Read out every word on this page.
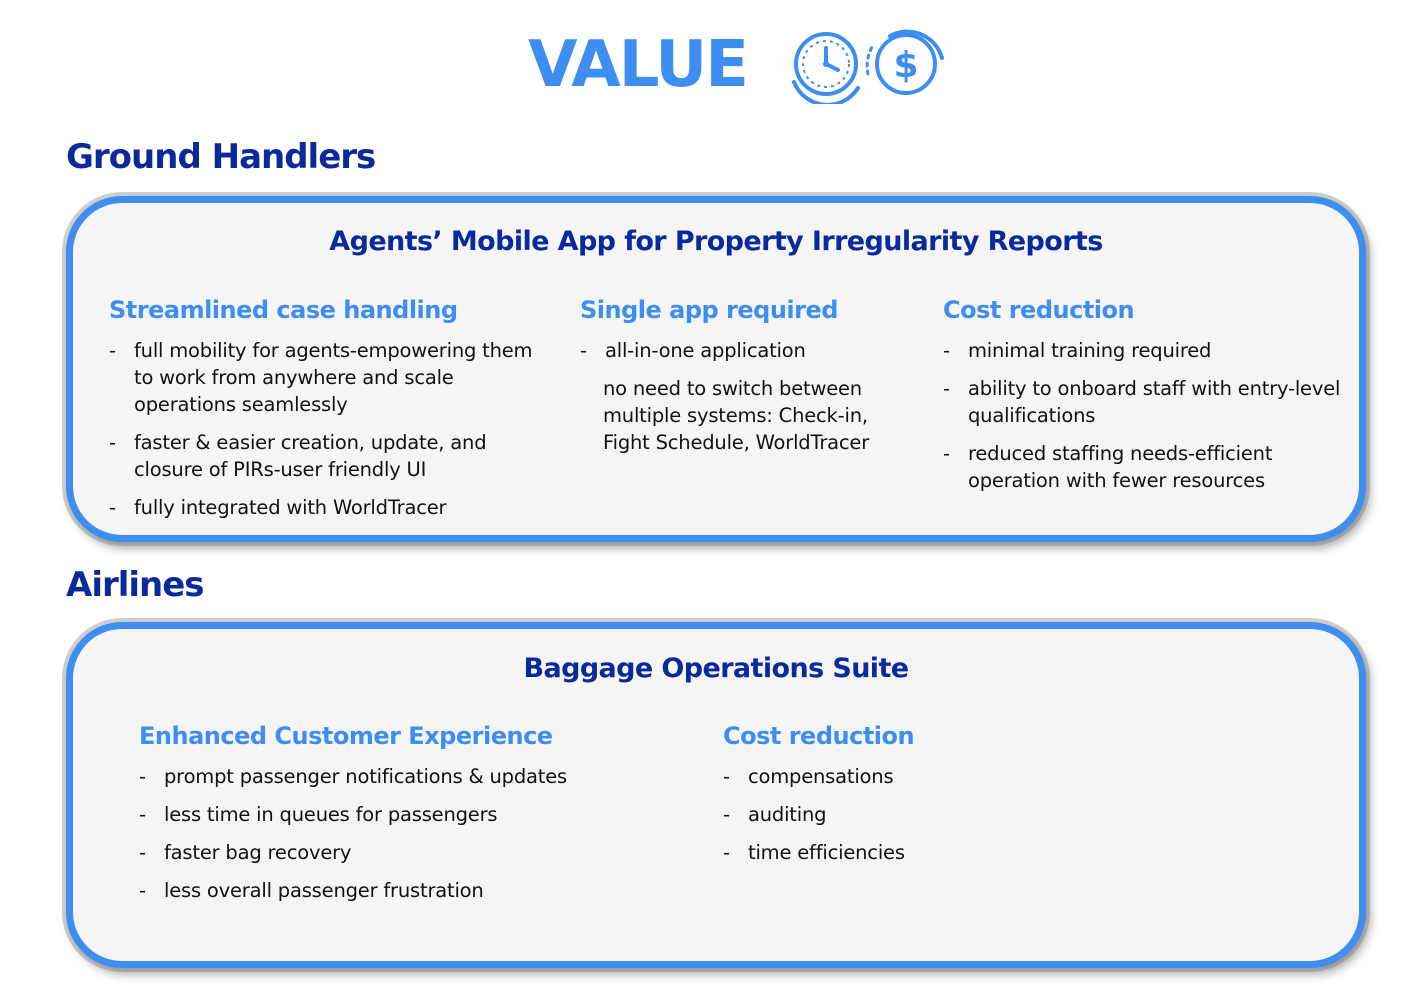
VALUE	$
Ground Handlers
Agents’ Mobile App for Property Irregularity Reports
Streamlined case handling
- full mobility for agents-empowering them to work from anywhere and scale operations seamlessly
- faster & easier creation, update, and closure of PIRs-user friendly UI
- fully integrated with WorldTracer
Single app required
- all-in-one application
no need to switch between multiple systems: Check-in, Fight Schedule, WorldTracer
Cost reduction
- minimal training required
- ability to onboard staff with entry-level qualifications
- reduced staffing needs-efficient operation with fewer resources
Airlines
Baggage Operations Suite
Enhanced Customer Experience
- prompt passenger notifications & updates
- less time in queues for passengers
- faster bag recovery
- less overall passenger frustration
Cost reduction
- compensations
- auditing
- time efficiencies
